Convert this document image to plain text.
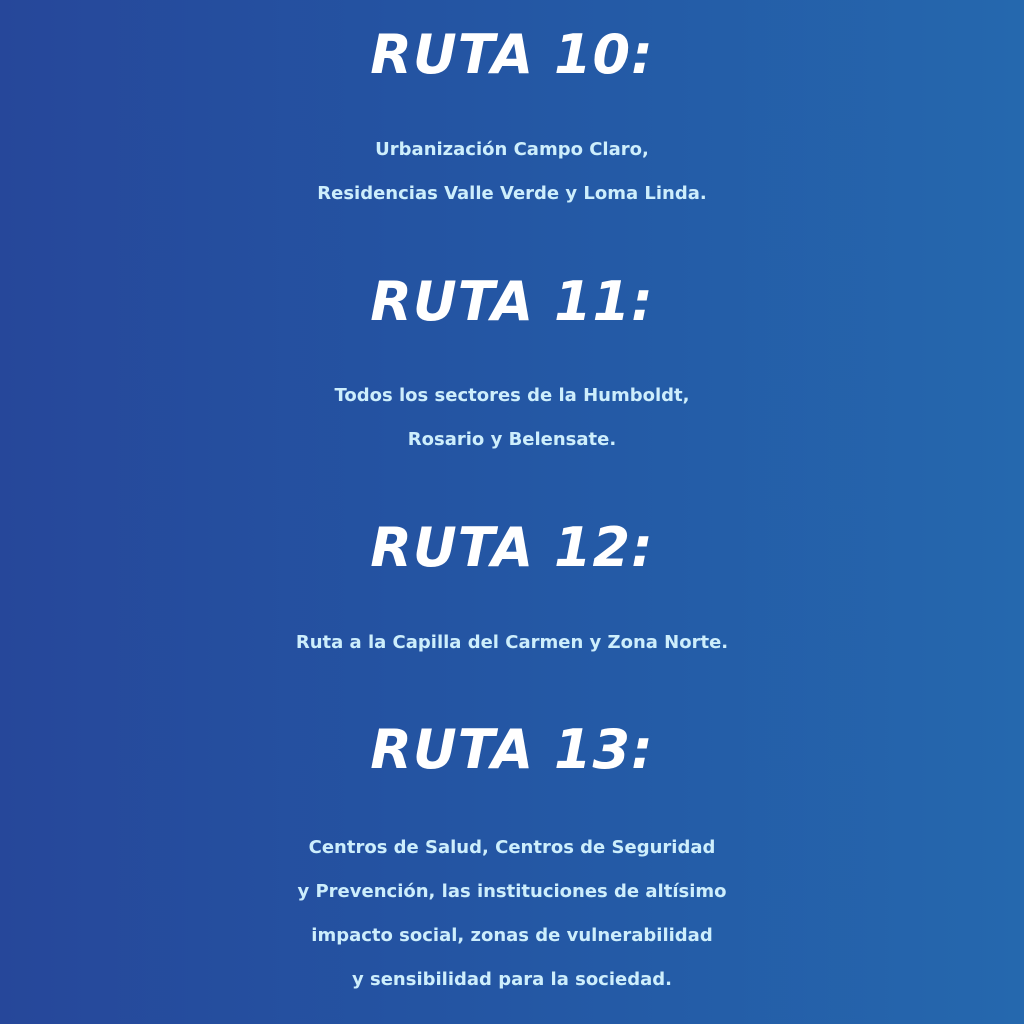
RUTA 10:
Urbanización Campo Claro,
Residencias Valle Verde y Loma Linda.
RUTA 11:
Todos los sectores de la Humboldt,
Rosario y Belensate.
RUTA 12:
Ruta a la Capilla del Carmen y Zona Norte.
RUTA 13:
Centros de Salud, Centros de Seguridad
y Prevención, las instituciones de altísimo
impacto social, zonas de vulnerabilidad
y sensibilidad para la sociedad.
